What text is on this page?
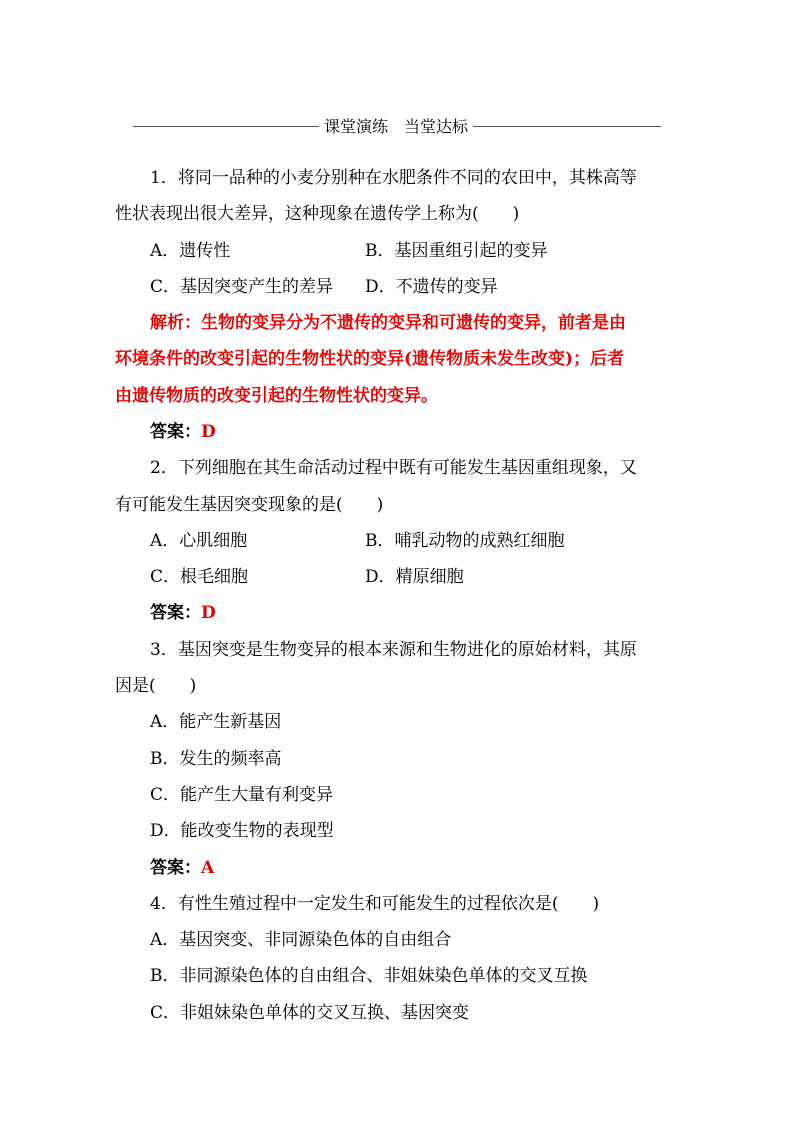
课堂演练　当堂达标
1．将同一品种的小麦分别种在水肥条件不同的农田中，其株高等
性状表现出很大差异，这种现象在遗传学上称为(　　)
A．遗传性	B．基因重组引起的变异
C．基因突变产生的差异 D．不遗传的变异
解析：生物的变异分为不遗传的变异和可遗传的变异，前者是由
环境条件的改变引起的生物性状的变异(遗传物质未发生改变)；后者
由遗传物质的改变引起的生物性状的变异。
答案：D
2．下列细胞在其生命活动过程中既有可能发生基因重组现象，又
有可能发生基因突变现象的是(　　)
A．心肌细胞	B．哺乳动物的成熟红细胞
C．根毛细胞	D．精原细胞
答案：D
3．基因突变是生物变异的根本来源和生物进化的原始材料，其原
因是(　　)
A．能产生新基因
B．发生的频率高
C．能产生大量有利变异
D．能改变生物的表现型
答案：A
4．有性生殖过程中一定发生和可能发生的过程依次是(　　)
A．基因突变、非同源染色体的自由组合
B．非同源染色体的自由组合、非姐妹染色单体的交叉互换
C．非姐妹染色单体的交叉互换、基因突变
